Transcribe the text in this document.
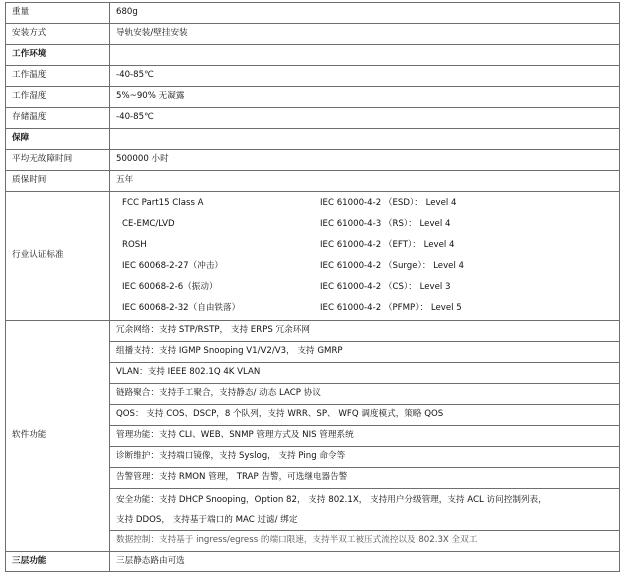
重量	680g
安装方式	导轨安装/壁挂安装
工作环境	
工作温度	-40-85℃
工作湿度	5%~90% 无凝露
存储温度	-40-85℃
保障	
平均无故障时间	500000 小时
质保时间	五年
行业认证标准	
FCC Part15 Class A	IEC 61000-4-2 （ESD）： Level 4
CE-EMC/LVD	IEC 61000-4-3 （RS）： Level 4
ROSH	IEC 61000-4-2 （EFT）： Level 4
IEC 60068-2-27（冲击）	IEC 61000-4-2 （Surge）： Level 4
IEC 60068-2-6（振动）	IEC 61000-4-2 （CS）： Level 3
IEC 60068-2-32（自由铁落）	IEC 61000-4-2 （PFMP）： Level 5

软件功能	冗余网络：支持 STP/RSTP， 支持 ERPS 冗余环网
组播支持：支持 IGMP Snooping V1/V2/V3， 支持 GMRP
VLAN：支持 IEEE 802.1Q 4K VLAN
链路聚合：支持手工聚合，支持静态/ 动态 LACP 协议
QOS： 支持 COS、DSCP，8 个队列，支持 WRR、SP、 WFQ 调度模式，策略 QOS
管理功能：支持 CLI、WEB、SNMP 管理方式及 NIS 管理系统
诊断维护：支持端口镜像，支持 Syslog， 支持 Ping 命令等
告警管理：支持 RMON 管理， TRAP 告警，可选继电器告警

安全功能：支持 DHCP Snooping，Option 82， 支持 802.1X， 支持用户分级管理，支持 ACL 访问控制列表，
支持 DDOS， 支持基于端口的 MAC 过滤/ 绑定

数据控制：支持基于 ingress/egress 的端口限速，支持半双工被压式流控以及 802.3X 全双工
三层功能	三层静态路由可选
